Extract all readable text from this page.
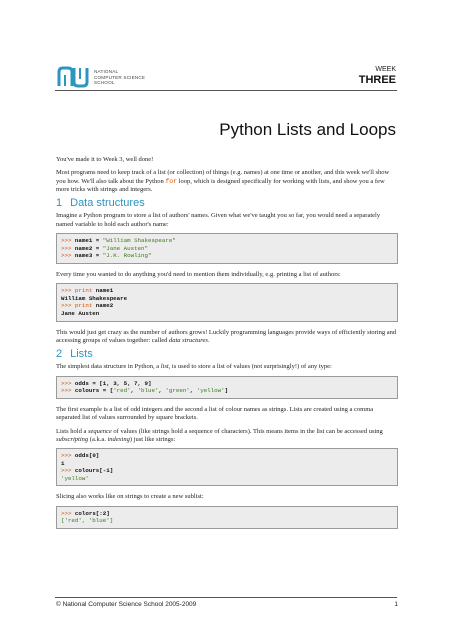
NATIONAL
COMPUTER SCIENCE
SCHOOL
WEEK
THREE
Python Lists and Loops

You've made it to Week 3, well done!

Most programs need to keep track of a list (or collection) of things (e.g. names) at one time or another, and this week we'll show you how. We'll also talk about the Python for loop, which is designed specifically for working with lists, and show you a few more tricks with strings and integers.

1 Data structures

Imagine a Python program to store a list of authors' names. Given what we've taught you so far, you would need a separately named variable to hold each author's name:

>>> name1 = "William Shakespeare"
>>> name2 = "Jane Austen"
>>> name3 = "J.K. Rowling"

Every time you wanted to do anything you'd need to mention them individually, e.g. printing a list of authors:

>>> print name1
William Shakespeare
>>> print name2
Jane Austen

This would just get crazy as the number of authors grows! Luckily programming languages provide ways of efficiently storing and accessing groups of values together: called data structures.

2 Lists

The simplest data structure in Python, a list, is used to store a list of values (not surprisingly!) of any type:

>>> odds = [1, 3, 5, 7, 9]
>>> colours = ['red', 'blue', 'green', 'yellow']

The first example is a list of odd integers and the second a list of colour names as strings. Lists are created using a comma separated list of values surrounded by square brackets.

Lists hold a sequence of values (like strings hold a sequence of characters). This means items in the list can be accessed using subscripting (a.k.a. indexing) just like strings:

>>> odds[0]
1
>>> colours[-1]
'yellow'

Slicing also works like on strings to create a new sublist:

>>> colors[:2]
['red', 'blue']
© National Computer Science School 2005-2009	1
